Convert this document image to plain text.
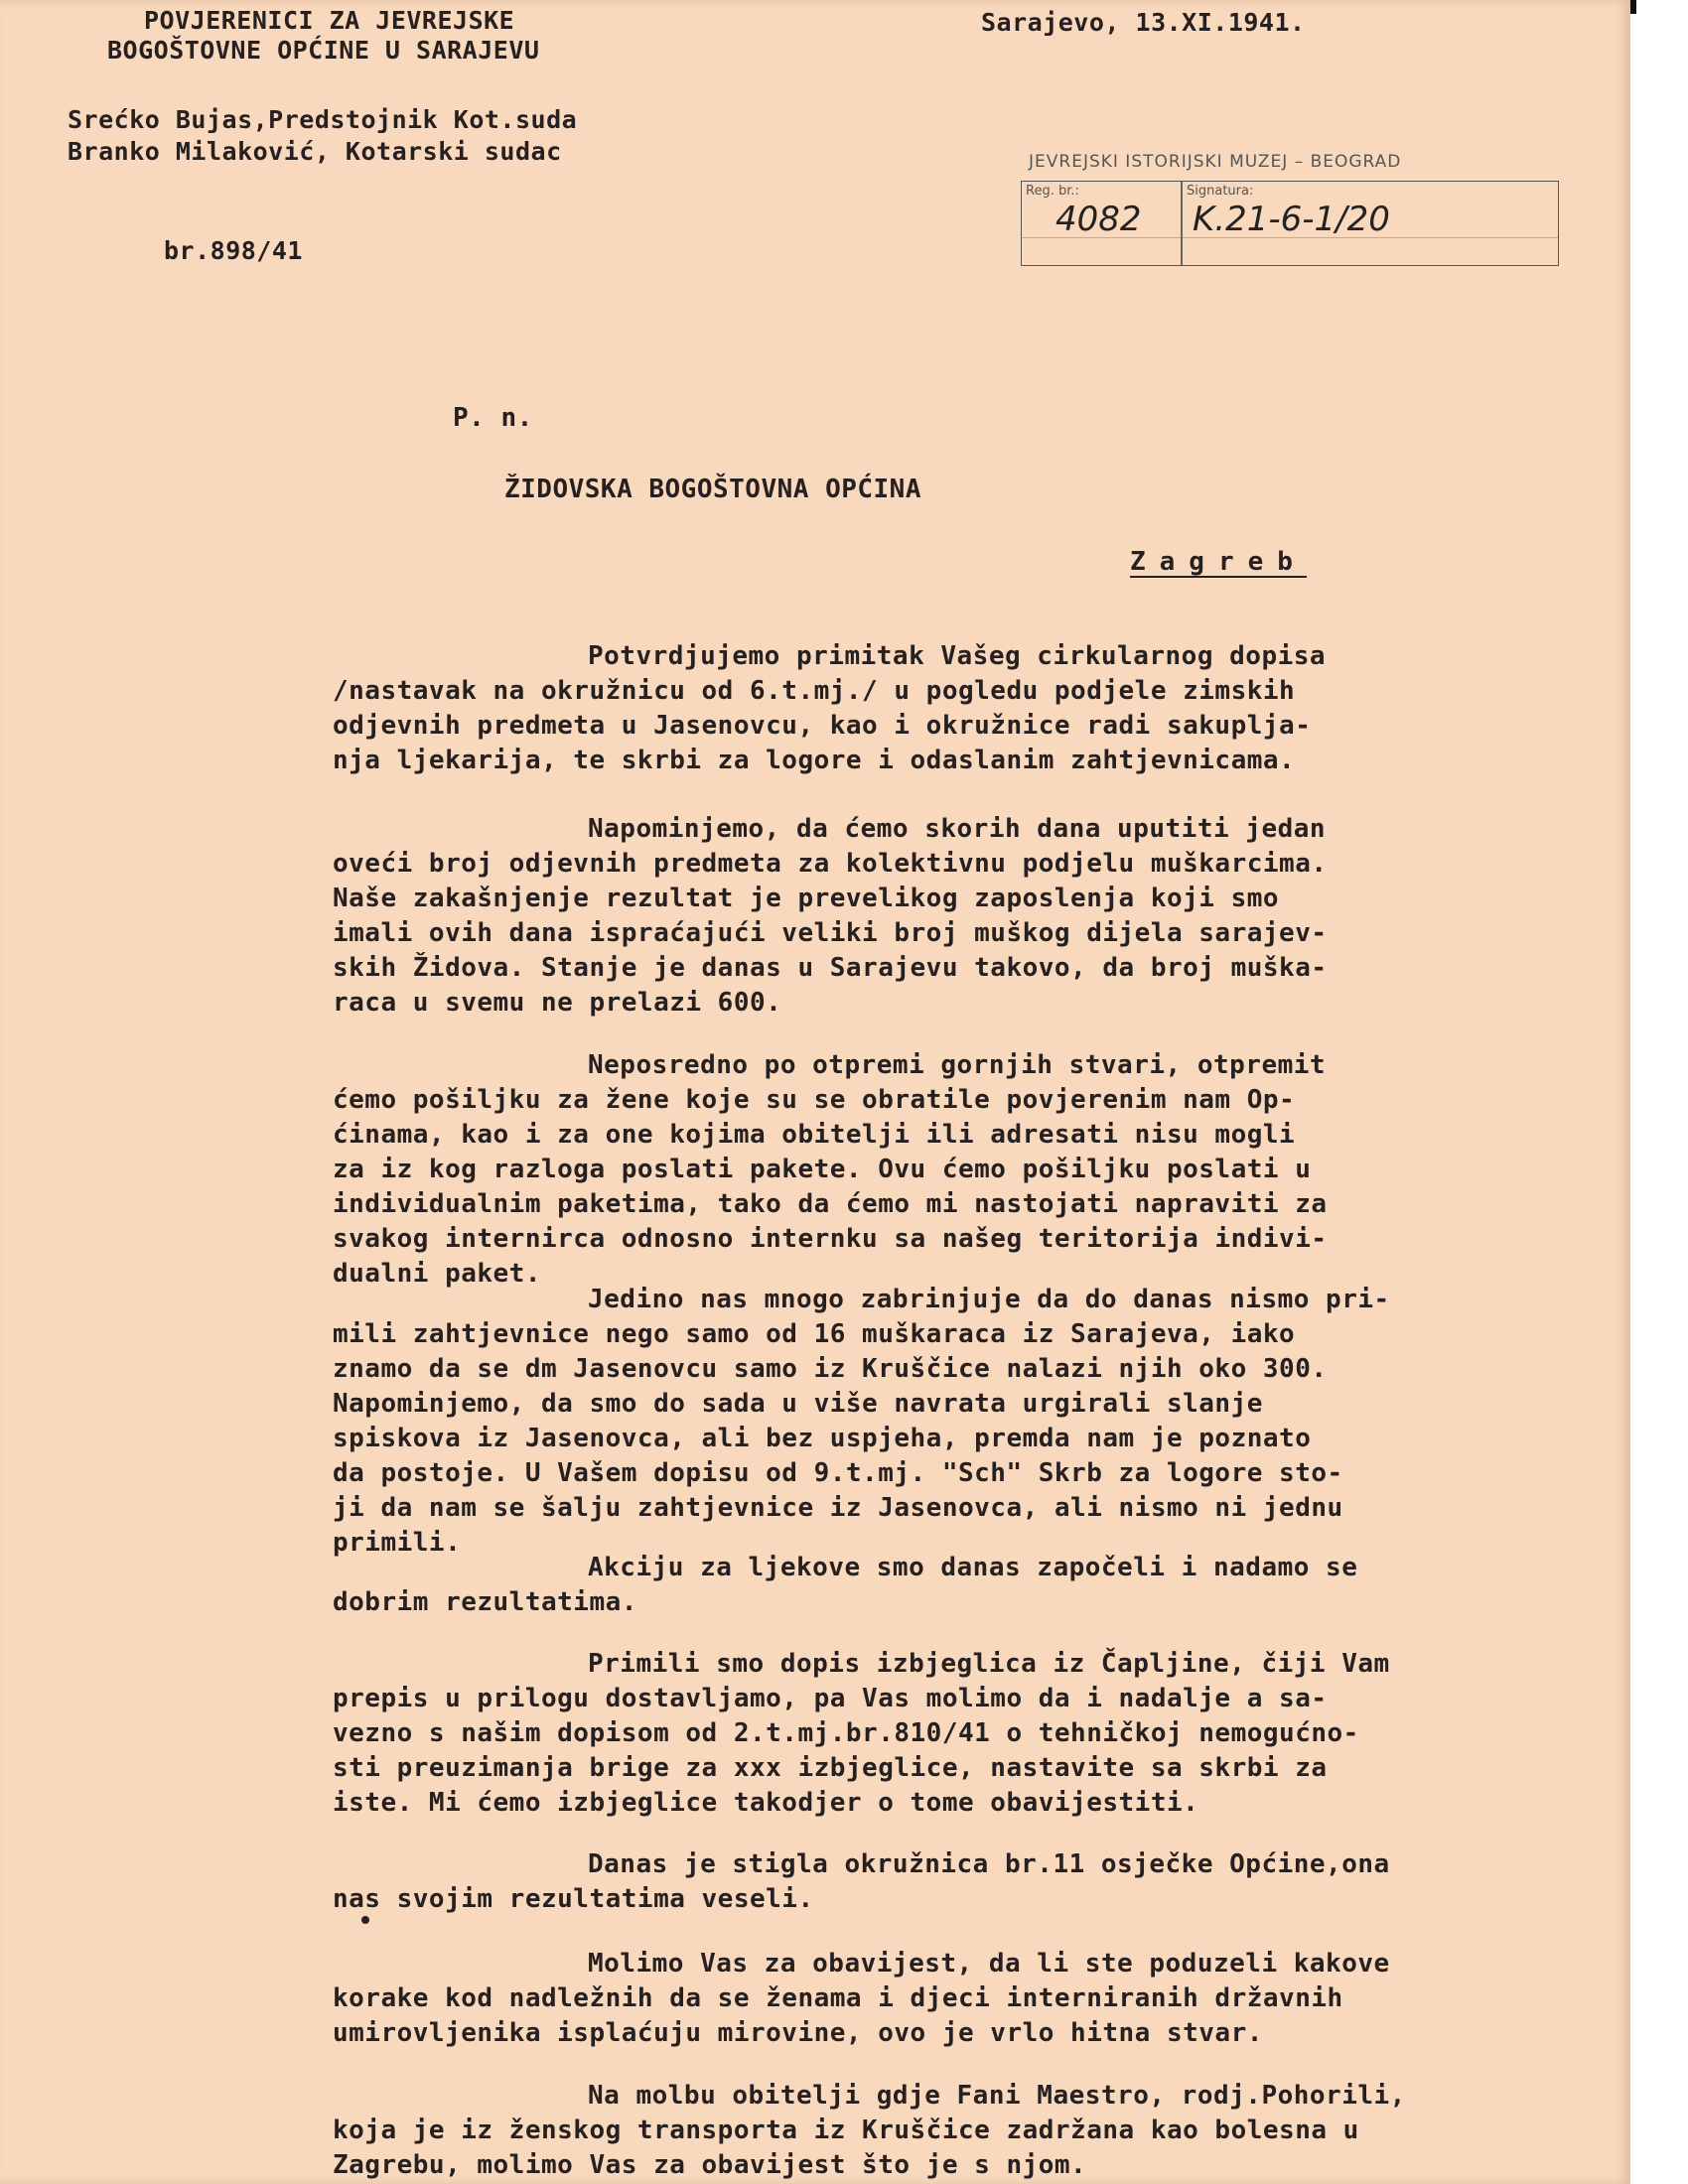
POVJERENICI ZA JEVREJSKE
BOGOŠTOVNE OPĆINE U SARAJEVU
Sarajevo, 13.XI.1941.
Srećko Bujas,Predstojnik Kot.suda
Branko Milaković, Kotarski sudac
br.898/41
JEVREJSKI ISTORIJSKI MUZEJ – BEOGRAD
Reg. br.:	Signatura:
4082 K.21-6-1/20
P. n.
ŽIDOVSKA BOGOŠTOVNA OPĆINA
Zagreb
Potvrdjujemo primitak Vašeg cirkularnog dopisa
/nastavak na okružnicu od 6.t.mj./ u pogledu podjele zimskih
odjevnih predmeta u Jasenovcu, kao i okružnice radi sakuplja-
nja ljekarija, te skrbi za logore i odaslanim zahtjevnicama.
Napominjemo, da ćemo skorih dana uputiti jedan
oveći broj odjevnih predmeta za kolektivnu podjelu muškarcima.
Naše zakašnjenje rezultat je prevelikog zaposlenja koji smo
imali ovih dana ispraćajući veliki broj muškog dijela sarajev-
skih Židova. Stanje je danas u Sarajevu takovo, da broj muška-
raca u svemu ne prelazi 600.
Neposredno po otpremi gornjih stvari, otpremit
ćemo pošiljku za žene koje su se obratile povjerenim nam Op-
ćinama, kao i za one kojima obitelji ili adresati nisu mogli
za iz kog razloga poslati pakete. Ovu ćemo pošiljku poslati u
individualnim paketima, tako da ćemo mi nastojati napraviti za
svakog internirca odnosno internku sa našeg teritorija indivi-
dualni paket.
Jedino nas mnogo zabrinjuje da do danas nismo pri-
mili zahtjevnice nego samo od 16 muškaraca iz Sarajeva, iako
znamo da se dm Jasenovcu samo iz Kruščice nalazi njih oko 300.
Napominjemo, da smo do sada u više navrata urgirali slanje
spiskova iz Jasenovca, ali bez uspjeha, premda nam je poznato
da postoje. U Vašem dopisu od 9.t.mj. "Sch" Skrb za logore sto-
ji da nam se šalju zahtjevnice iz Jasenovca, ali nismo ni jednu
primili.
Akciju za ljekove smo danas započeli i nadamo se
dobrim rezultatima.
Primili smo dopis izbjeglica iz Čapljine, čiji Vam
prepis u prilogu dostavljamo, pa Vas molimo da i nadalje a sa-
vezno s našim dopisom od 2.t.mj.br.810/41 o tehničkoj nemogućno-
sti preuzimanja brige za xxx izbjeglice, nastavite sa skrbi za
iste. Mi ćemo izbjeglice takodjer o tome obavijestiti.
Danas je stigla okružnica br.11 osječke Općine,ona
nas svojim rezultatima veseli.
Molimo Vas za obavijest, da li ste poduzeli kakove
korake kod nadležnih da se ženama i djeci interniranih državnih
umirovljenika isplaćuju mirovine, ovo je vrlo hitna stvar.
Na molbu obitelji gdje Fani Maestro, rodj.Pohorili,
koja je iz ženskog transporta iz Kruščice zadržana kao bolesna u
Zagrebu, molimo Vas za obavijest što je s njom.
